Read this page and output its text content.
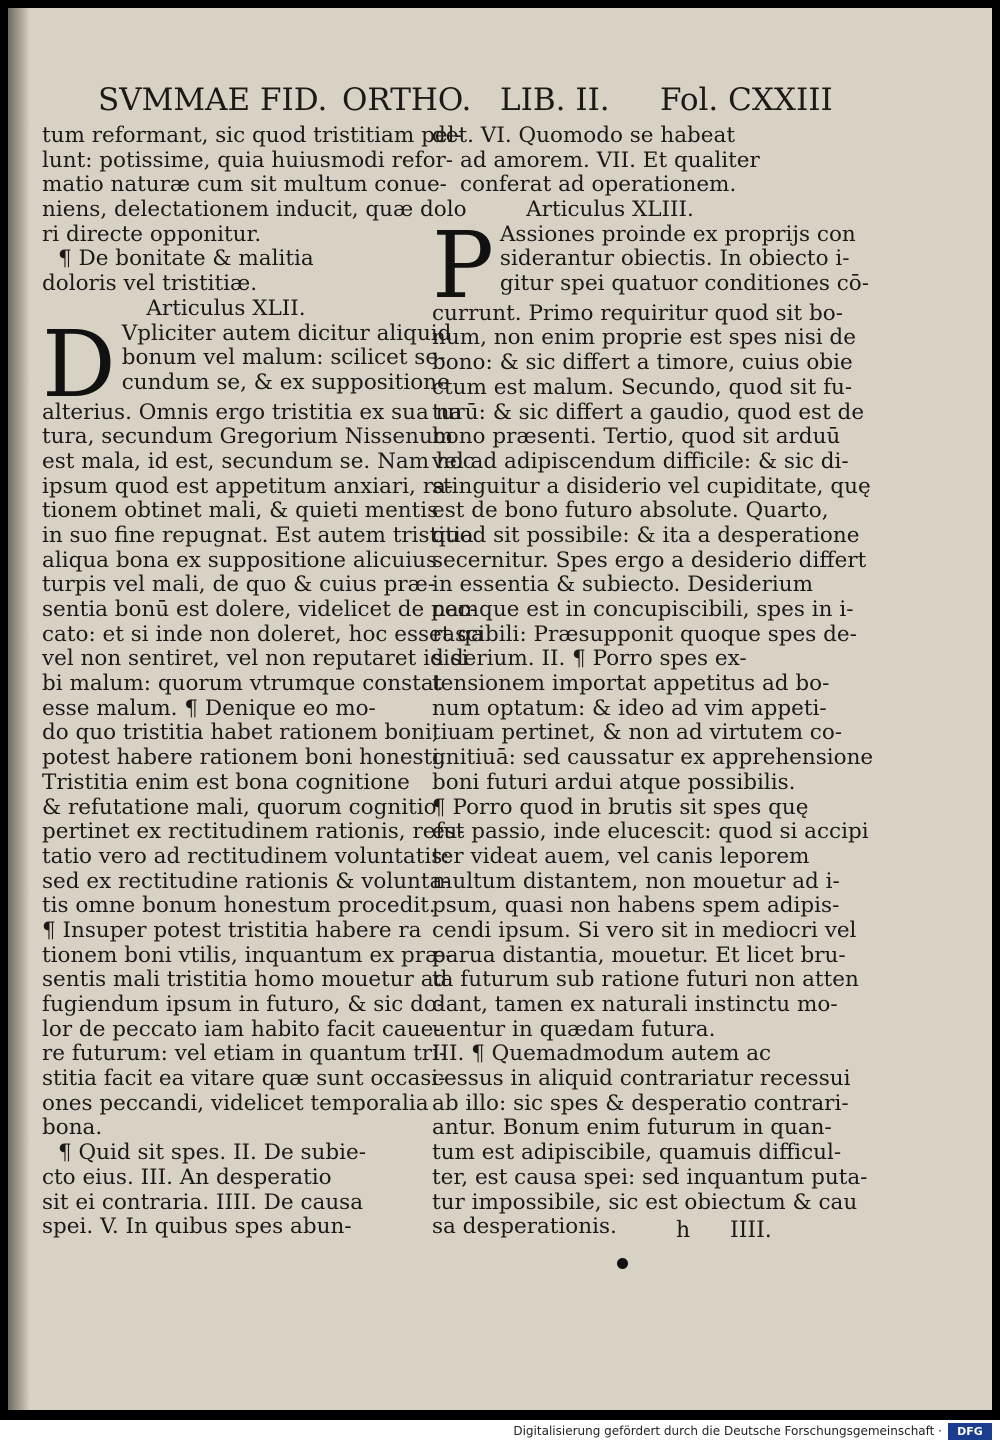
SVMMAE FID. ORTHO. LIB. II. Fol. CXXIII
tum reformant, sic quod tristitiam pel-
lunt: potissime, quia huiusmodi refor-
matio naturæ cum sit multum conue-
niens, delectationem inducit, quæ dolo
ri directe opponitur.
¶ De bonitate & malitia
doloris vel tristitiæ.
Articulus XLII.
D Vpliciter autem dicitur aliquid
bonum vel malum: scilicet se-
cundum se, & ex suppositione
alterius. Omnis ergo tristitia ex sua na
tura, secundum Gregorium Nissenum
est mala, id est, secundum se. Nam hoc
ipsum quod est appetitum anxiari, ra-
tionem obtinet mali, & quieti mentis
in suo fine repugnat. Est autem tristitia
aliqua bona ex suppositione alicuius
turpis vel mali, de quo & cuius præ-
sentia bonū est dolere, videlicet de pec-
cato: et si inde non doleret, hoc esset qa
vel non sentiret, vel non reputaret id si
bi malum: quorum vtrumque constat
esse malum. ¶ Denique eo mo-
do quo tristitia habet rationem boni,
potest habere rationem boni honesti.
Tristitia enim est bona cognitione
& refutatione mali, quorum cognitio
pertinet ex rectitudinem rationis, refu-
tatio vero ad rectitudinem voluntatis:
sed ex rectitudine rationis & volunta-
tis omne bonum honestum procedit.
¶ Insuper potest tristitia habere ra
tionem boni vtilis, inquantum ex præ-
sentis mali tristitia homo mouetur ad
fugiendum ipsum in futuro, & sic do-
lor de peccato iam habito facit caue-
re futurum: vel etiam in quantum tri-
stitia facit ea vitare quæ sunt occasi-
ones peccandi, videlicet temporalia
bona.
¶ Quid sit spes. II. De subie-
cto eius. III. An desperatio
sit ei contraria. IIII. De causa
spei. V. In quibus spes abun-
det. VI. Quomodo se habeat
ad amorem. VII. Et qualiter
conferat ad operationem.
Articulus XLIII.
P Assiones proinde ex proprijs con
siderantur obiectis. In obiecto i-
gitur spei quatuor conditiones cō-
currunt. Primo requiritur quod sit bo-
num, non enim proprie est spes nisi de
bono: & sic differt a timore, cuius obie
ctum est malum. Secundo, quod sit fu-
turū: & sic differt a gaudio, quod est de
bono præsenti. Tertio, quod sit arduū
vel ad adipiscendum difficile: & sic di-
stinguitur a disiderio vel cupiditate, quę
est de bono futuro absolute. Quarto,
quod sit possibile: & ita a desperatione
secernitur. Spes ergo a desiderio differt
in essentia & subiecto. Desiderium
namque est in concupiscibili, spes in i-
rascibili: Præsupponit quoque spes de-
siderium. II. ¶ Porro spes ex-
tensionem importat appetitus ad bo-
num optatum: & ideo ad vim appeti-
tiuam pertinet, & non ad virtutem co-
gnitiuā: sed caussatur ex apprehensione
boni futuri ardui atque possibilis.
¶ Porro quod in brutis sit spes quę
est passio, inde elucescit: quod si accipi
ter videat auem, vel canis leporem
multum distantem, non mouetur ad i-
psum, quasi non habens spem adipis-
cendi ipsum. Si vero sit in mediocri vel
parua distantia, mouetur. Et licet bru-
ta futurum sub ratione futuri non atten
dant, tamen ex naturali instinctu mo-
uentur in quædam futura.
III. ¶ Quemadmodum autem ac
cessus in aliquid contrariatur recessui
ab illo: sic spes & desperatio contrari-
antur. Bonum enim futurum in quan-
tum est adipiscibile, quamuis difficul-
ter, est causa spei: sed inquantum puta-
tur impossibile, sic est obiectum & cau
sa desperationis.	h IIII.
Digitalisierung gefördert durch die Deutsche Forschungsgemeinschaft ·	DFG
